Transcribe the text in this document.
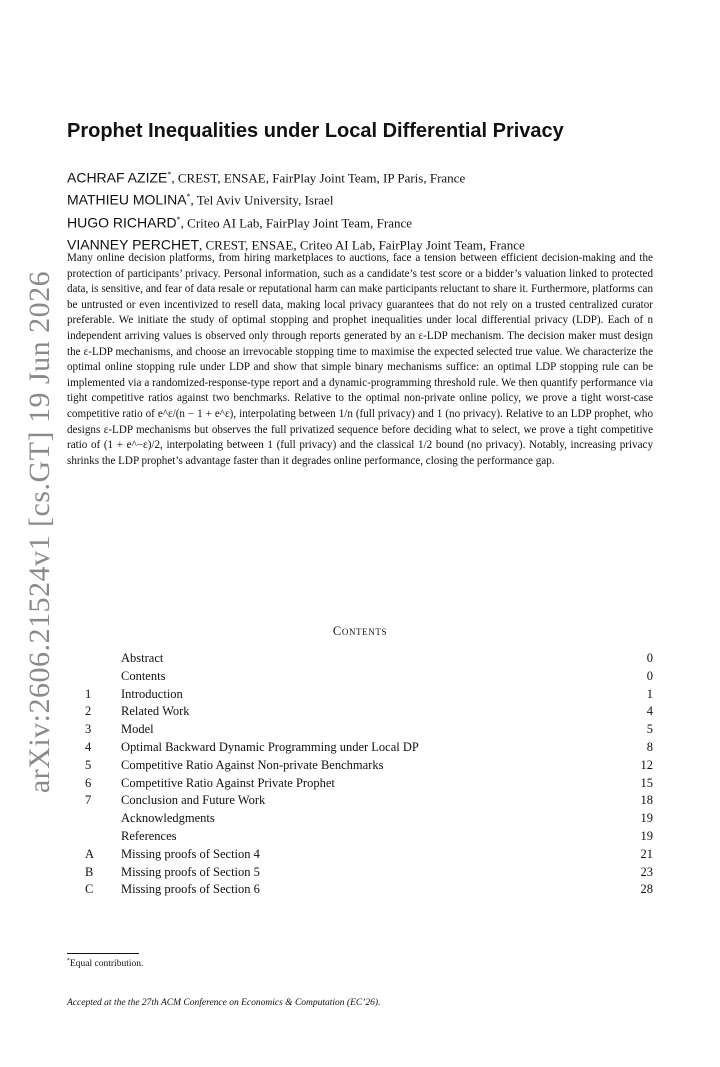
arXiv:2606.21524v1 [cs.GT] 19 Jun 2026
Prophet Inequalities under Local Differential Privacy
ACHRAF AZIZE*, CREST, ENSAE, FairPlay Joint Team, IP Paris, France
MATHIEU MOLINA*, Tel Aviv University, Israel
HUGO RICHARD*, Criteo AI Lab, FairPlay Joint Team, France
VIANNEY PERCHET, CREST, ENSAE, Criteo AI Lab, FairPlay Joint Team, France

Many online decision platforms, from hiring marketplaces to auctions, face a tension between efficient decision-making and the protection of participants’ privacy. Personal information, such as a candidate’s test score or a bidder’s valuation linked to protected data, is sensitive, and fear of data resale or reputational harm can make participants reluctant to share it. Furthermore, platforms can be untrusted or even incentivized to resell data, making local privacy guarantees that do not rely on a trusted centralized curator preferable. We initiate the study of optimal stopping and prophet inequalities under local differential privacy (LDP). Each of n independent arriving values is observed only through reports generated by an ε-LDP mechanism. The decision maker must design the ε-LDP mechanisms, and choose an irrevocable stopping time to maximise the expected selected true value. We characterize the optimal online stopping rule under LDP and show that simple binary mechanisms suffice: an optimal LDP stopping rule can be implemented via a randomized-response-type report and a dynamic-programming threshold rule. We then quantify performance via tight competitive ratios against two benchmarks. Relative to the optimal non-private online policy, we prove a tight worst-case competitive ratio of e^ε/(n − 1 + e^ε), interpolating between 1/n (full privacy) and 1 (no privacy). Relative to an LDP prophet, who designs ε-LDP mechanisms but observes the full privatized sequence before deciding what to select, we prove a tight competitive ratio of (1 + e^−ε)/2, interpolating between 1 (full privacy) and the classical 1/2 bound (no privacy). Notably, increasing privacy shrinks the LDP prophet’s advantage faster than it degrades online performance, closing the performance gap.

Contents
Abstract	0
Contents	0
1	Introduction	1
2	Related Work	4
3	Model	5
4	Optimal Backward Dynamic Programming under Local DP	8
5	Competitive Ratio Against Non-private Benchmarks	12
6	Competitive Ratio Against Private Prophet	15
7	Conclusion and Future Work	18
Acknowledgments	19
References	19
A	Missing proofs of Section 4	21
B	Missing proofs of Section 5	23
C	Missing proofs of Section 6	28
*Equal contribution.
Accepted at the the 27th ACM Conference on Economics & Computation (EC’26).
